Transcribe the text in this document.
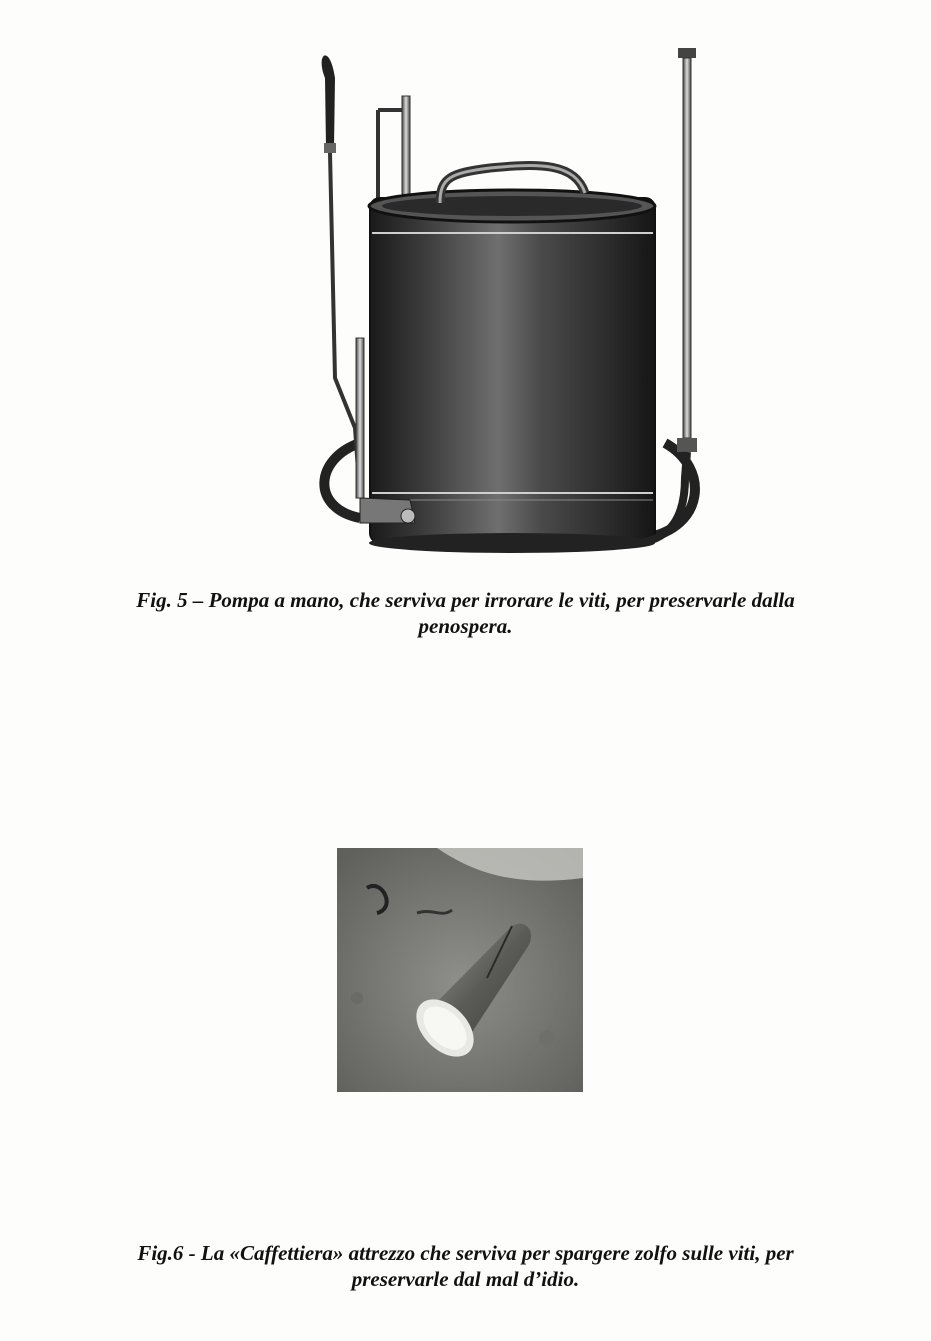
Fig. 5 – Pompa a mano, che serviva per irrorare le viti, per preservarle dalla
penospera.

Fig.6 - La «Caffettiera» attrezzo che serviva per spargere zolfo sulle viti, per
preservarle dal mal d’idio.
